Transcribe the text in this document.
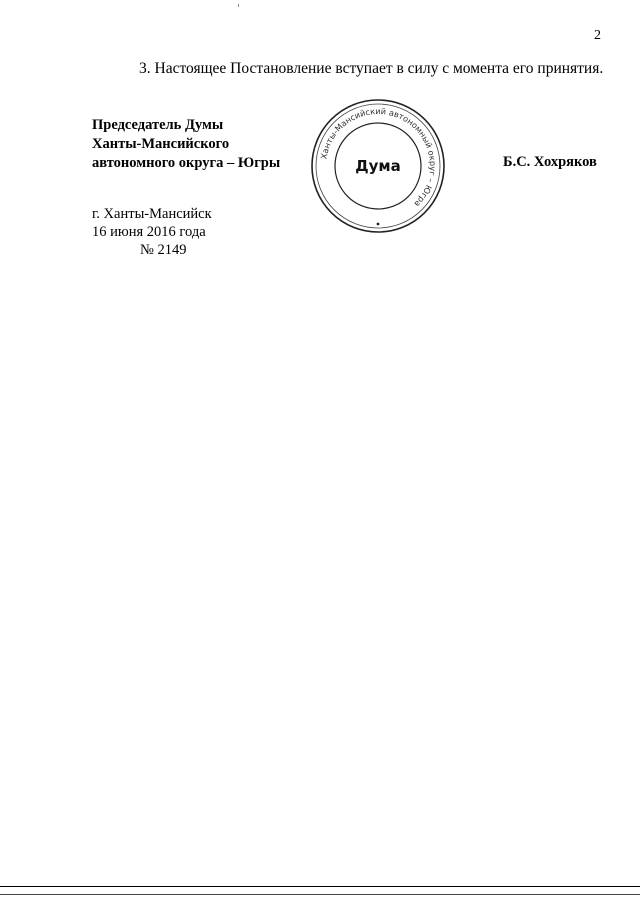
2
3. Настоящее Постановление вступает в силу с момента его принятия.
Председатель Думы
Ханты-Мансийского
автономного округа – Югры	Ханты-Мансийский автономный округ – Югра
Дума	Б.С. Хохряков
г. Ханты-Мансийск
16 июня 2016 года
№ 2149
